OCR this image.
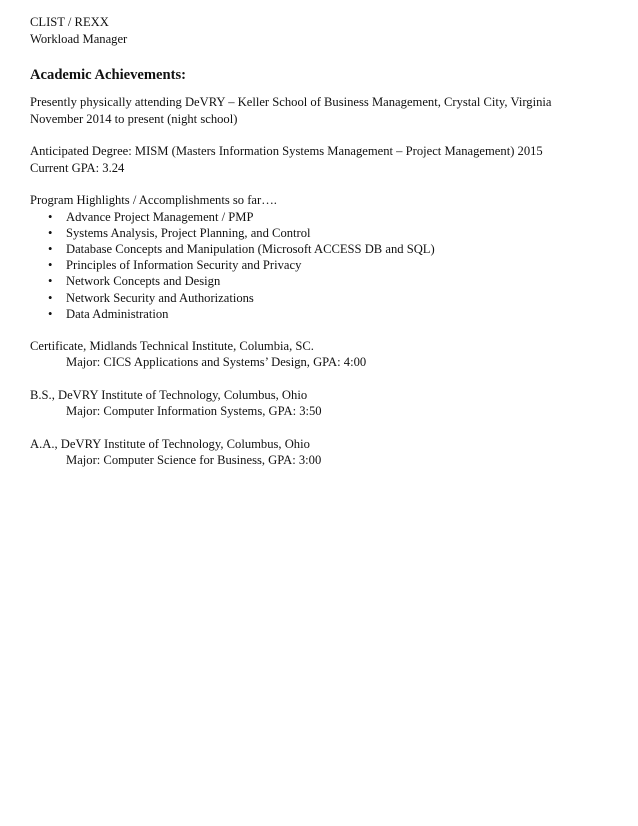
CLIST / REXX
Workload Manager
Academic Achievements:
Presently physically attending DeVRY – Keller School of Business Management, Crystal City, Virginia
November 2014 to present (night school)
Anticipated Degree: MISM (Masters Information Systems Management – Project Management) 2015
Current GPA: 3.24
Program Highlights / Accomplishments so far….
• Advance Project Management / PMP
• Systems Analysis, Project Planning, and Control
• Database Concepts and Manipulation (Microsoft ACCESS DB and SQL)
• Principles of Information Security and Privacy
• Network Concepts and Design
• Network Security and Authorizations
• Data Administration
Certificate, Midlands Technical Institute, Columbia, SC.
Major: CICS Applications and Systems’ Design, GPA: 4:00
B.S., DeVRY Institute of Technology, Columbus, Ohio
Major: Computer Information Systems, GPA: 3:50
A.A., DeVRY Institute of Technology, Columbus, Ohio
Major: Computer Science for Business, GPA: 3:00
